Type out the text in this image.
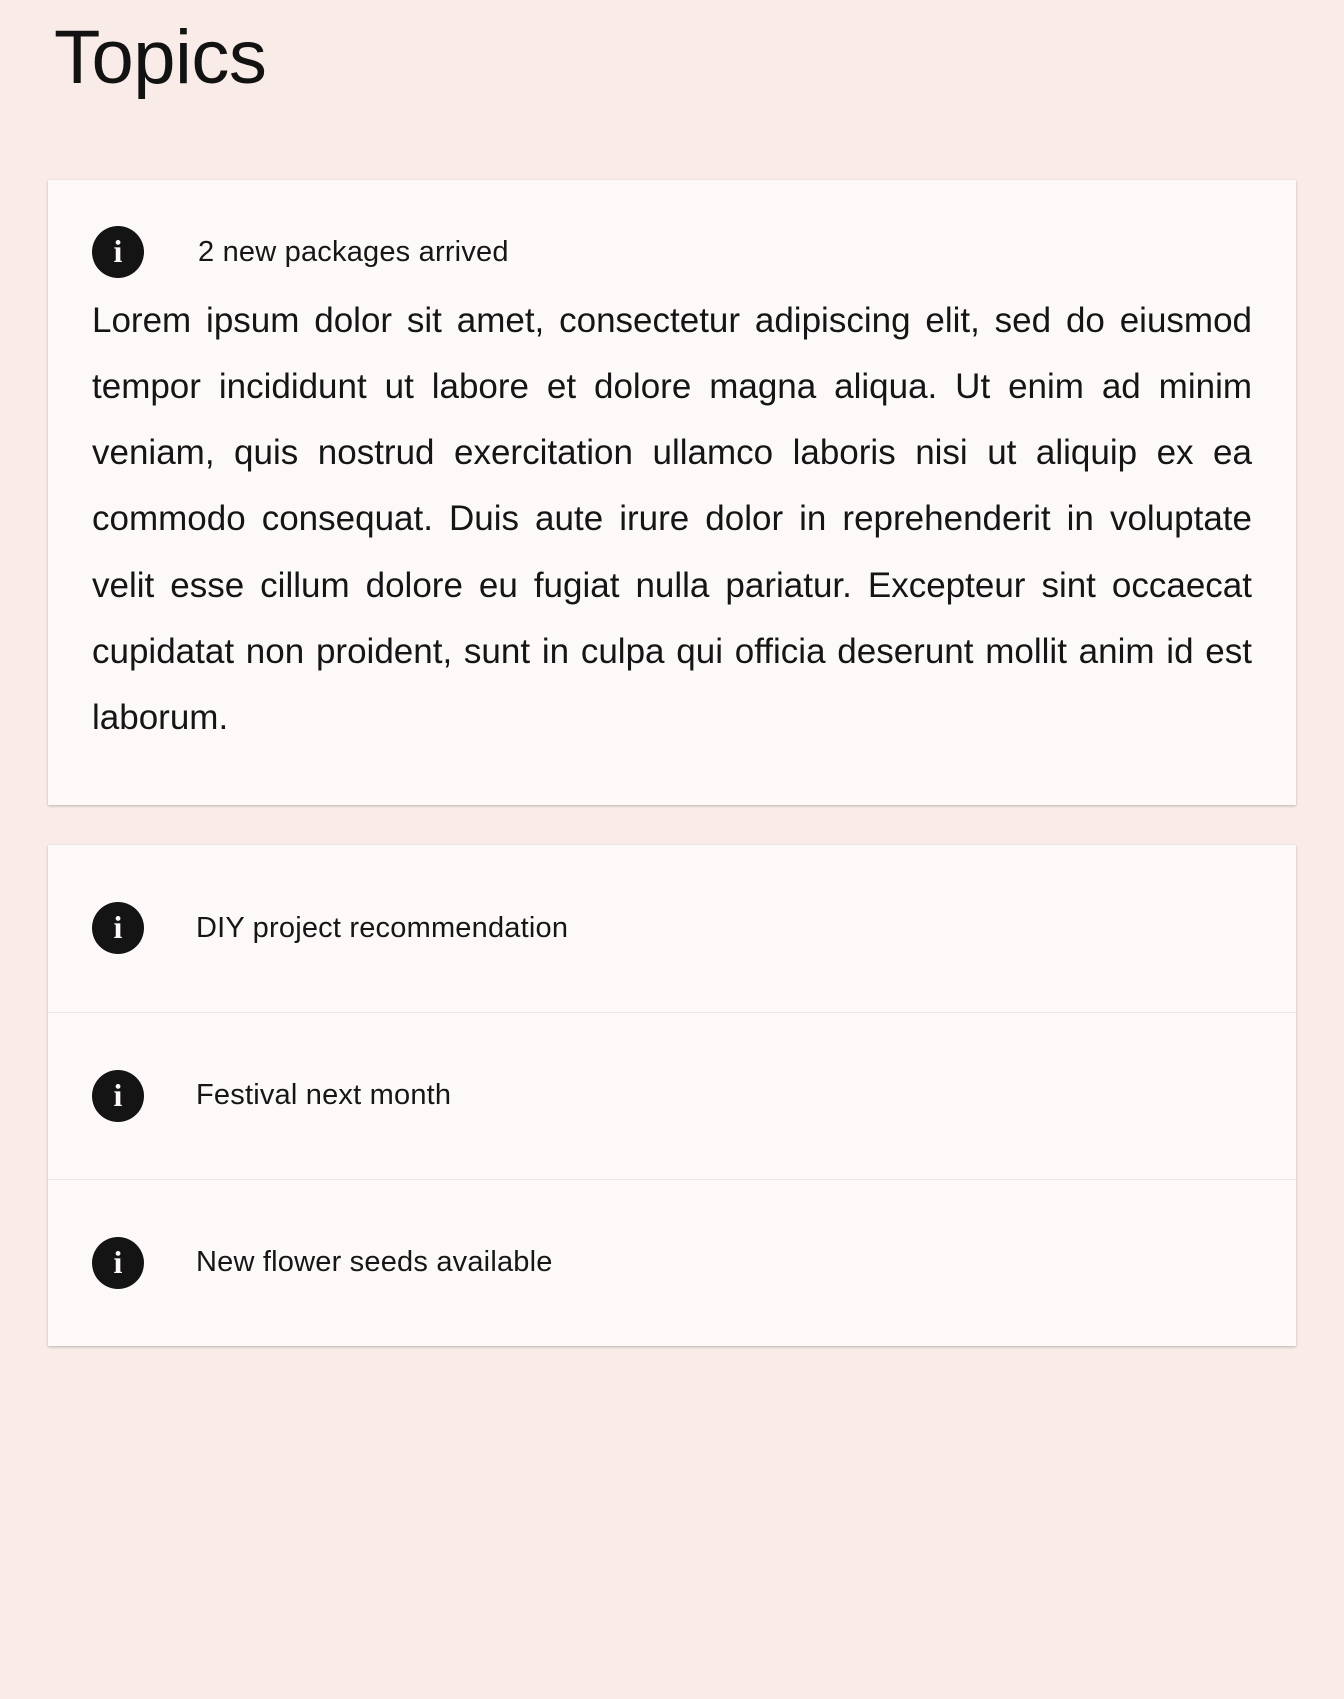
Topics
i	2 new packages arrived

Lorem ipsum dolor sit amet, consectetur adipiscing elit, sed do eiusmod tempor incididunt ut labore et dolore magna aliqua. Ut enim ad minim veniam, quis nostrud exercitation ullamco laboris nisi ut aliquip ex ea commodo consequat. Duis aute irure dolor in reprehenderit in voluptate velit esse cillum dolore eu fugiat nulla pariatur. Excepteur sint occaecat cupidatat non proident, sunt in culpa qui officia deserunt mollit anim id est laborum.

i	DIY project recommendation
i	Festival next month
i	New flower seeds available
